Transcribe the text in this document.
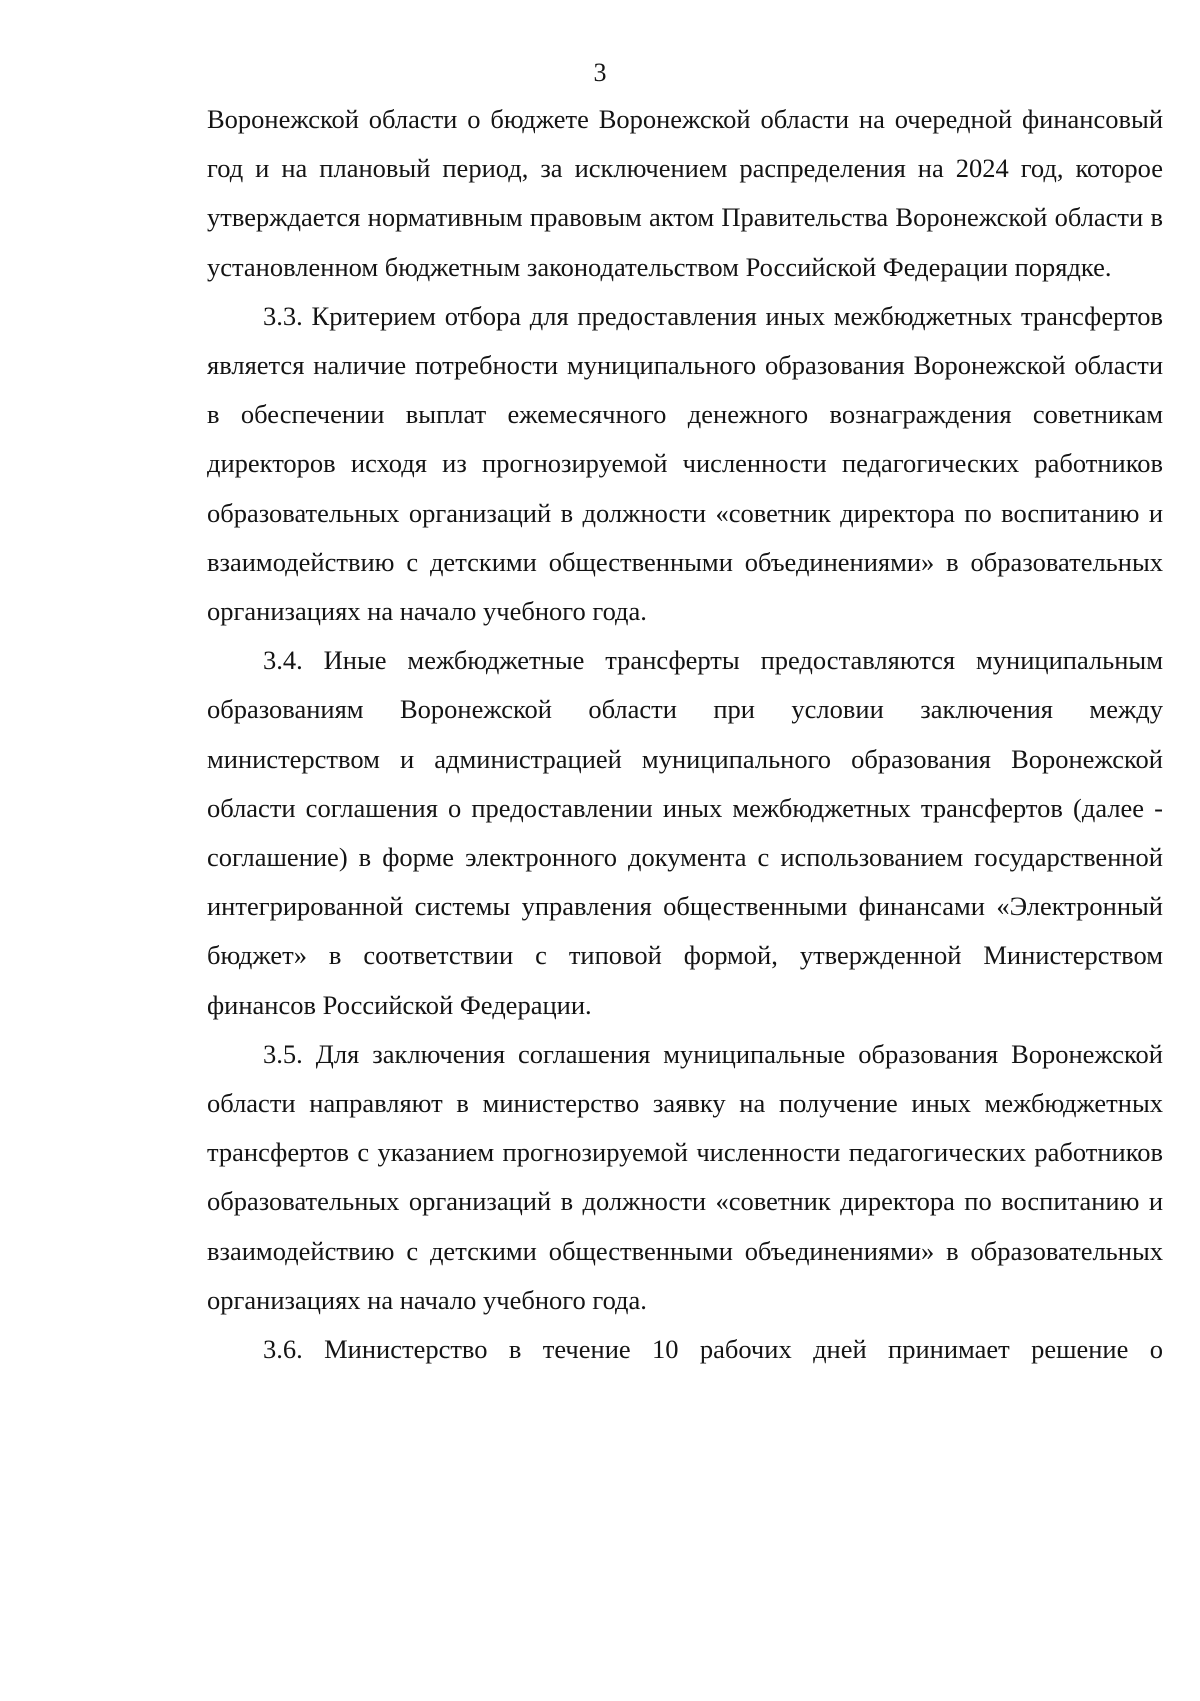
3

Воронежской области о бюджете Воронежской области на очередной финансовый год и на плановый период, за исключением распределения на 2024 год, которое утверждается нормативным правовым актом Правительства Воронежской области в установленном бюджетным законодательством Российской Федерации порядке.

3.3. Критерием отбора для предоставления иных межбюджетных трансфертов является наличие потребности муниципального образования Воронежской области в обеспечении выплат ежемесячного денежного вознаграждения советникам директоров исходя из прогнозируемой численности педагогических работников образовательных организаций в должности «советник директора по воспитанию и взаимодействию с детскими общественными объединениями» в образовательных организациях на начало учебного года.

3.4. Иные межбюджетные трансферты предоставляются муниципальным образованиям Воронежской области при условии заключения между министерством и администрацией муниципального образования Воронежской области соглашения о предоставлении иных межбюджетных трансфертов (далее - соглашение) в форме электронного документа с использованием государственной интегрированной системы управления общественными финансами «Электронный бюджет» в соответствии с типовой формой, утвержденной Министерством финансов Российской Федерации.

3.5. Для заключения соглашения муниципальные образования Воронежской области направляют в министерство заявку на получение иных межбюджетных трансфертов с указанием прогнозируемой численности педагогических работников образовательных организаций в должности «советник директора по воспитанию и взаимодействию с детскими общественными объединениями» в образовательных организациях на начало учебного года.

3.6. Министерство в течение 10 рабочих дней принимает решение о
